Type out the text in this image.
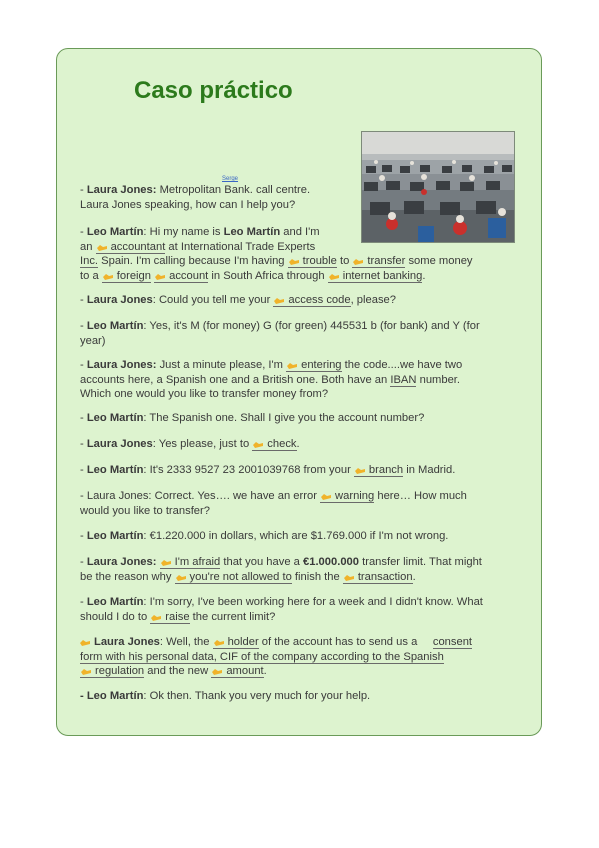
Caso práctico
Serge
- Laura Jones: Metropolitan Bank. call centre.
Laura Jones speaking, how can I help you?
- Leo Martín: Hi my name is Leo Martín and I'm
an accountant at International Trade Experts

Inc. Spain. I'm calling because I'm having trouble to transfer some money
to a foreign account in South Africa through internet banking.
- Laura Jones: Could you tell me your access code, please?
- Leo Martín: Yes, it's M (for money) G (for green) 445531 b (for bank) and Y (for
year)
- Laura Jones: Just a minute please, I'm entering the code....we have two
accounts here, a Spanish one and a British one. Both have an IBAN number.
Which one would you like to transfer money from?
- Leo Martín: The Spanish one. Shall I give you the account number?
- Laura Jones: Yes please, just to check.
- Leo Martín: It's 2333 9527 23 2001039768 from your branch in Madrid.
- Laura Jones: Correct. Yes…. we have an error warning here… How much
would you like to transfer?
- Leo Martín: €1.220.000 in dollars, which are $1.769.000 if I'm not wrong.
- Laura Jones: I'm afraid that you have a €1.000.000 transfer limit. That might
be the reason why you're not allowed to finish the transaction.
- Leo Martín: I'm sorry, I've been working here for a week and I didn't know. What
should I do to raise the current limit?
Laura Jones: Well, the holder of the account has to send us a     consent
form with his personal data, CIF of the company according to the Spanish
regulation and the new amount.
- Leo Martín: Ok then. Thank you very much for your help.
